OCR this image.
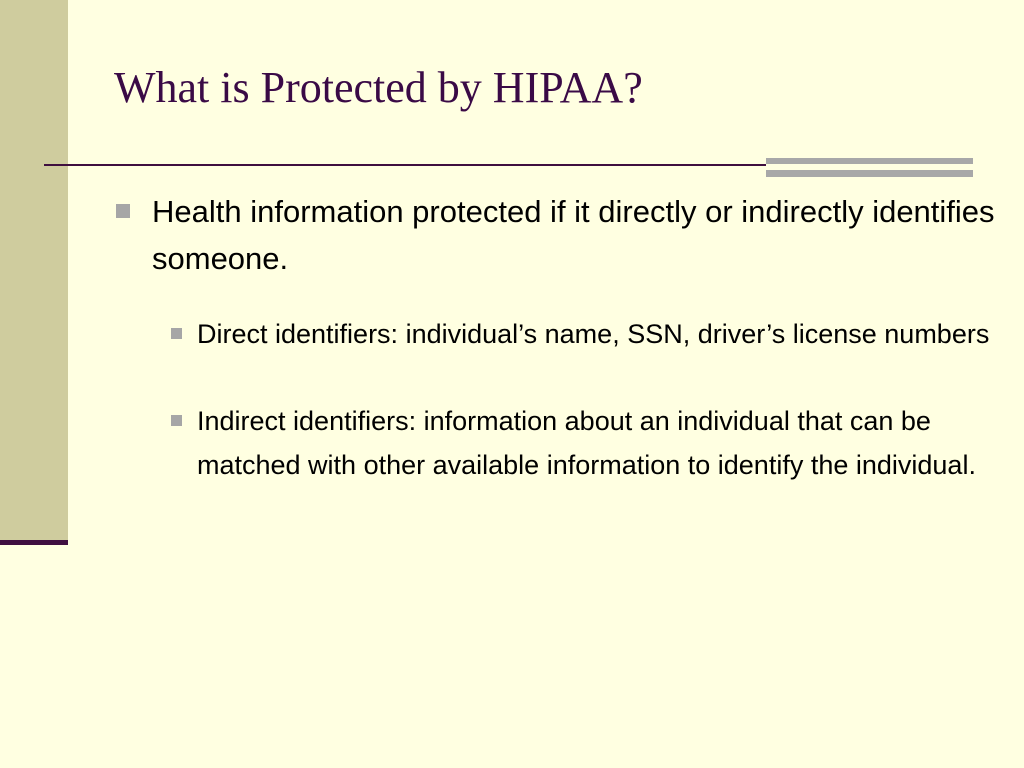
What is Protected by HIPAA?
Health information protected if it directly or indirectly identifies someone.
Direct identifiers: individual’s name, SSN, driver’s license numbers
Indirect identifiers: information about an individual that can be matched with other available information to identify the individual.
